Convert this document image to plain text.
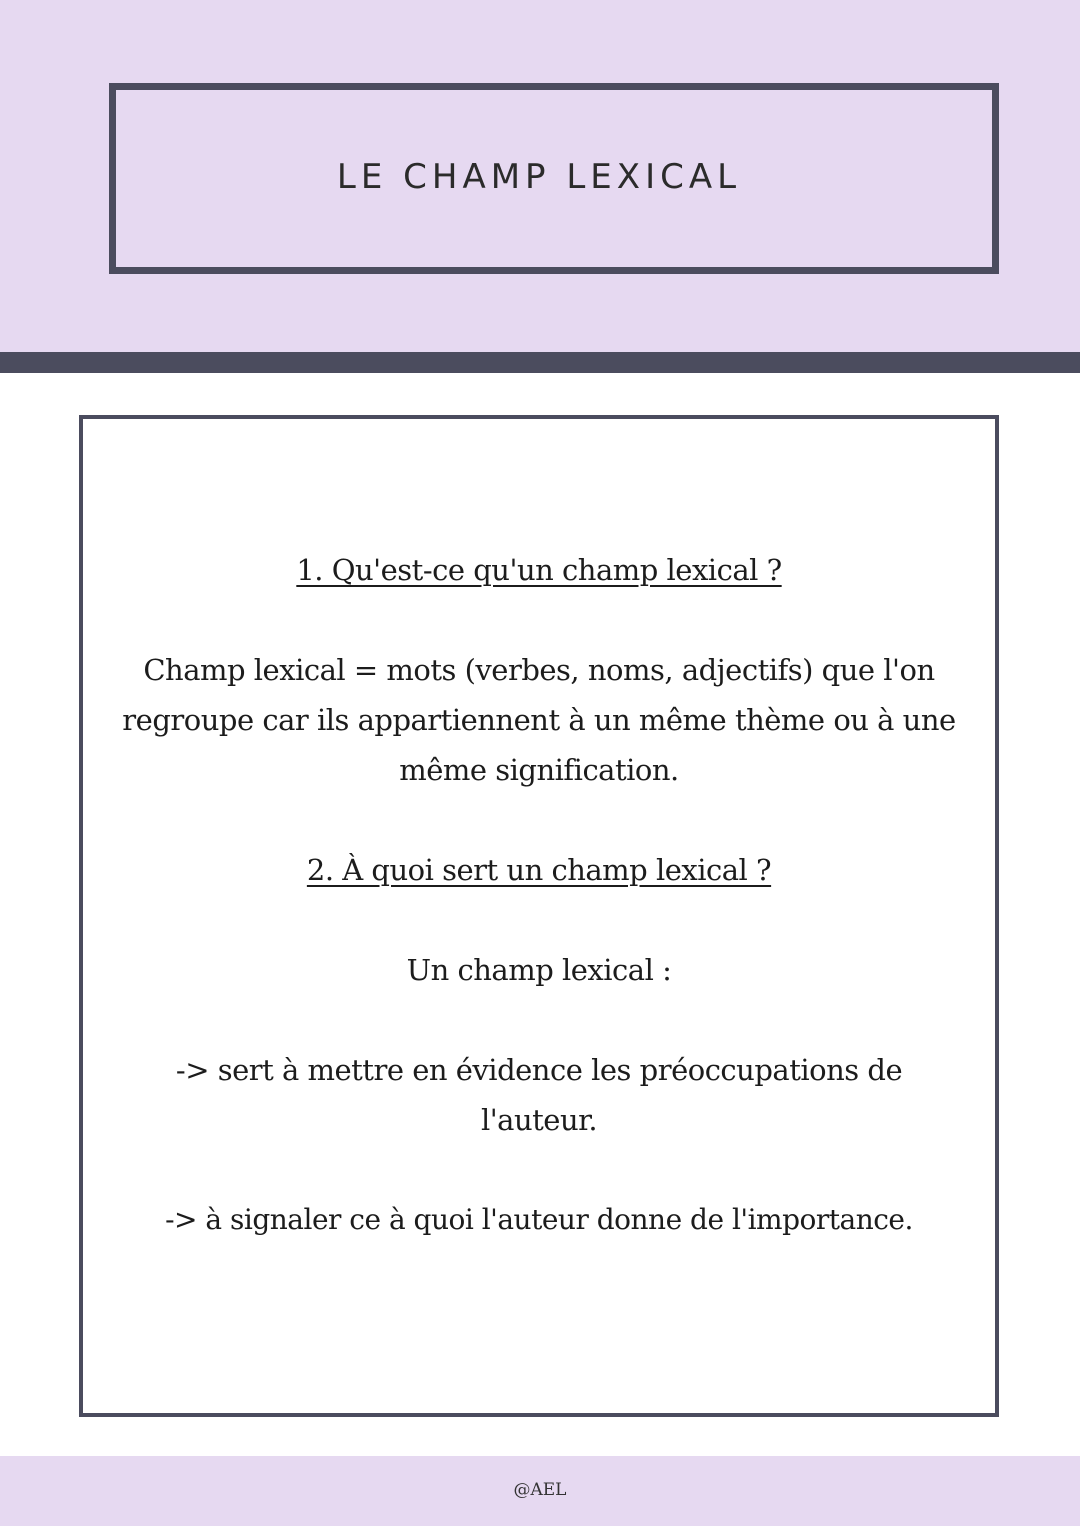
LE CHAMP LEXICAL

1. Qu'est-ce qu'un champ lexical ?

Champ lexical = mots (verbes, noms, adjectifs) que l'on regroupe car ils appartiennent à un même thème ou à une même signification.

2. À quoi sert un champ lexical ?

Un champ lexical :

-> sert à mettre en évidence les préoccupations de l'auteur.

-> à signaler ce à quoi l'auteur donne de l'importance.

@AEL
